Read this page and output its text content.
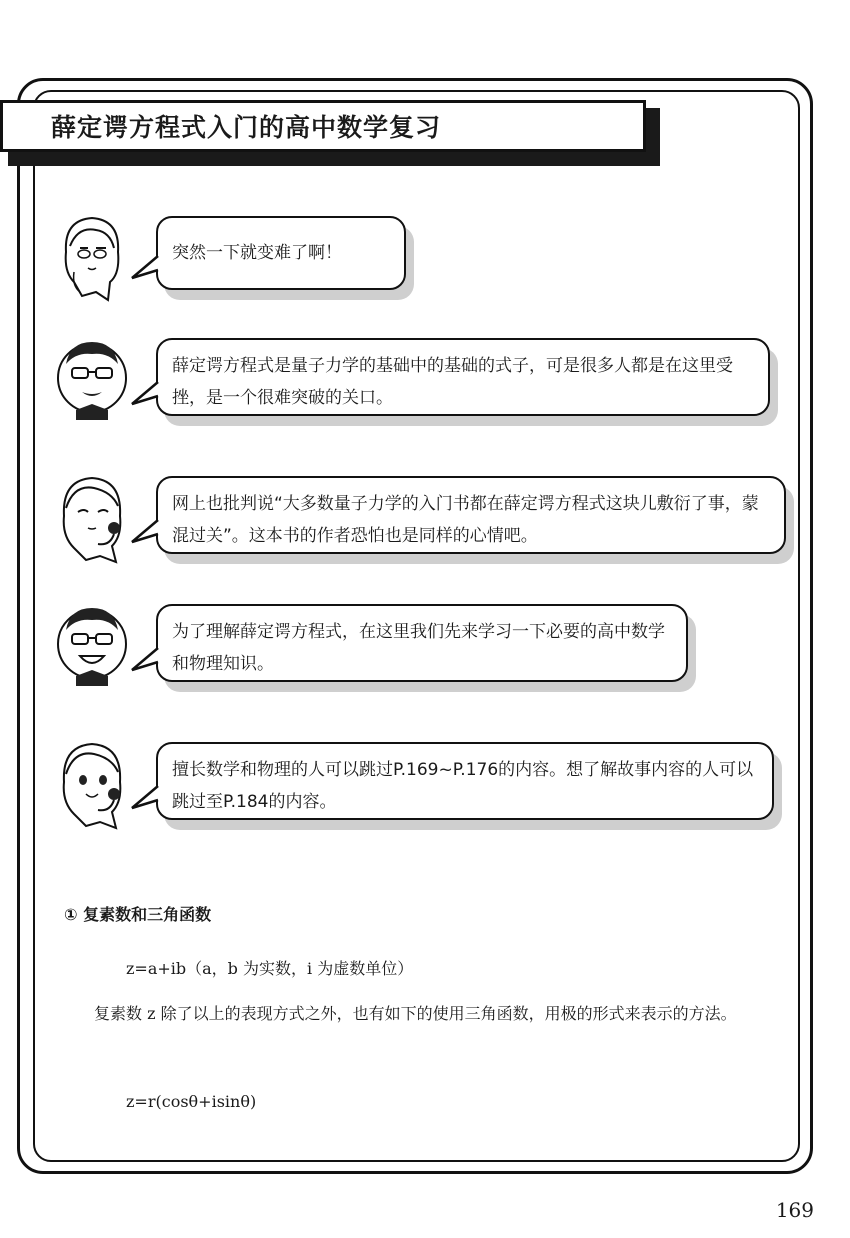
薛定谔方程式入门的高中数学复习
突然一下就变难了啊！
薛定谔方程式是量子力学的基础中的基础的式子，可是很多人都是在这里受挫，是一个很难突破的关口。
网上也批判说“大多数量子力学的入门书都在薛定谔方程式这块儿敷衍了事，蒙混过关”。这本书的作者恐怕也是同样的心情吧。
为了理解薛定谔方程式，在这里我们先来学习一下必要的高中数学和物理知识。
擅长数学和物理的人可以跳过P.169~P.176的内容。想了解故事内容的人可以跳过至P.184的内容。
① 复素数和三角函数
z=a+ib（a，b 为实数，i 为虚数单位）
复素数 z 除了以上的表现方式之外，也有如下的使用三角函数，用极的形式来表示的方法。
z=r(cosθ+isinθ)
169
